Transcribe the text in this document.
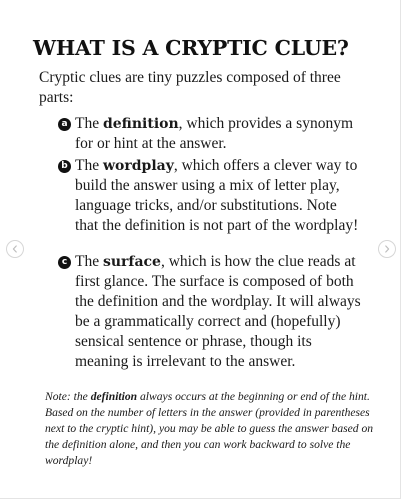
WHAT IS A CRYPTIC CLUE?

Cryptic clues are tiny puzzles composed of three parts:

a The definition, which provides a synonym for or hint at the answer.

b The wordplay, which offers a clever way to build the answer using a mix of letter play, language tricks, and/or substitutions. Note that the definition is not part of the wordplay!

c The surface, which is how the clue reads at first glance. The surface is composed of both the definition and the wordplay. It will always be a grammatically correct and (hopefully) sensical sentence or phrase, though its meaning is irrelevant to the answer.

Note: the definition always occurs at the beginning or end of the hint. Based on the number of letters in the answer (provided in parentheses next to the cryptic hint), you may be able to guess the answer based on the definition alone, and then you can work backward to solve the wordplay!
